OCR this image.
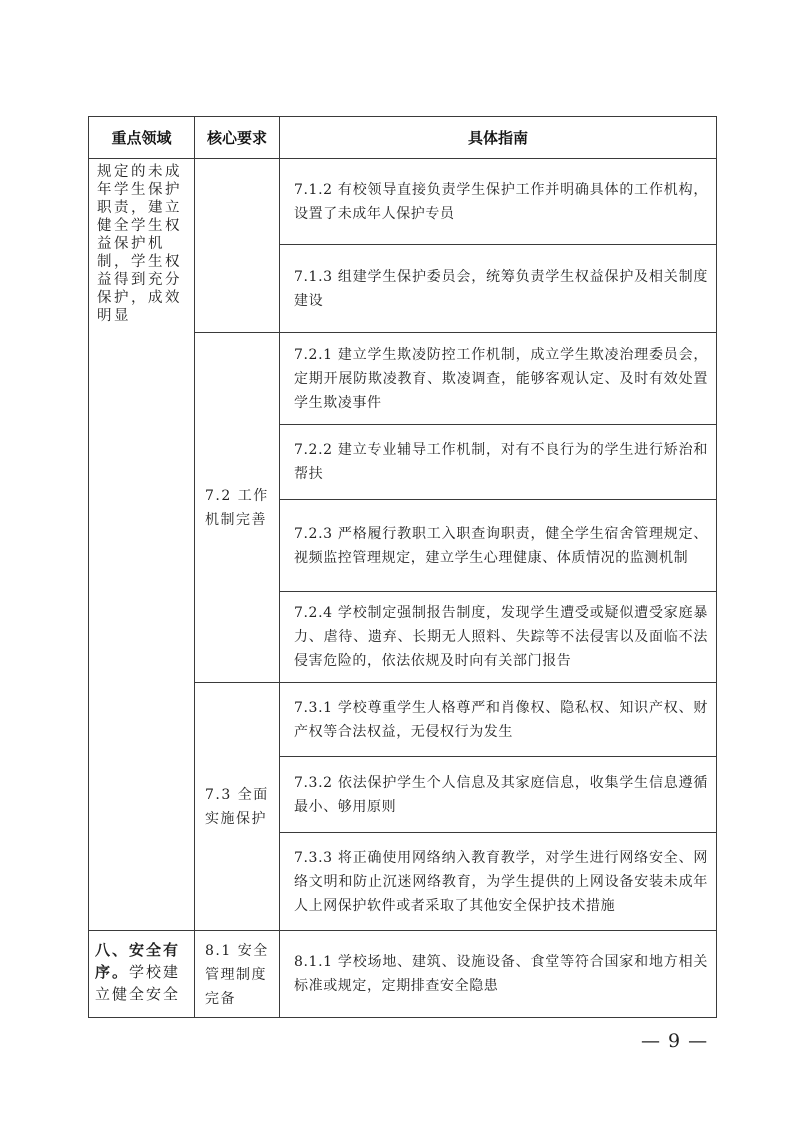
重点领域	核心要求	具体指南

规定的未成年学生保护职责，建立健全学生权益保护机制，学生权益得到充分保护，成效明显		7.1.2 有校领导直接负责学生保护工作并明确具体的工作机构，设置了未成年人保护专员

		7.1.3 组建学生保护委员会，统筹负责学生权益保护及相关制度建设

	7.2 工作机制完善	7.2.1 建立学生欺凌防控工作机制，成立学生欺凌治理委员会，定期开展防欺凌教育、欺凌调查，能够客观认定、及时有效处置学生欺凌事件

		7.2.2 建立专业辅导工作机制，对有不良行为的学生进行矫治和帮扶

		7.2.3 严格履行教职工入职查询职责，健全学生宿舍管理规定、视频监控管理规定，建立学生心理健康、体质情况的监测机制

		7.2.4 学校制定强制报告制度，发现学生遭受或疑似遭受家庭暴力、虐待、遗弃、长期无人照料、失踪等不法侵害以及面临不法侵害危险的，依法依规及时向有关部门报告

	7.3 全面实施保护	7.3.1 学校尊重学生人格尊严和肖像权、隐私权、知识产权、财产权等合法权益，无侵权行为发生

		7.3.2 依法保护学生个人信息及其家庭信息，收集学生信息遵循最小、够用原则

		7.3.3 将正确使用网络纳入教育教学，对学生进行网络安全、网络文明和防止沉迷网络教育，为学生提供的上网设备安装未成年人上网保护软件或者采取了其他安全保护技术措施

八、安全有序。学校建立健全安全	8.1 安全管理制度完备	8.1.1 学校场地、建筑、设施设备、食堂等符合国家和地方相关标准或规定，定期排查安全隐患
— 9 —
